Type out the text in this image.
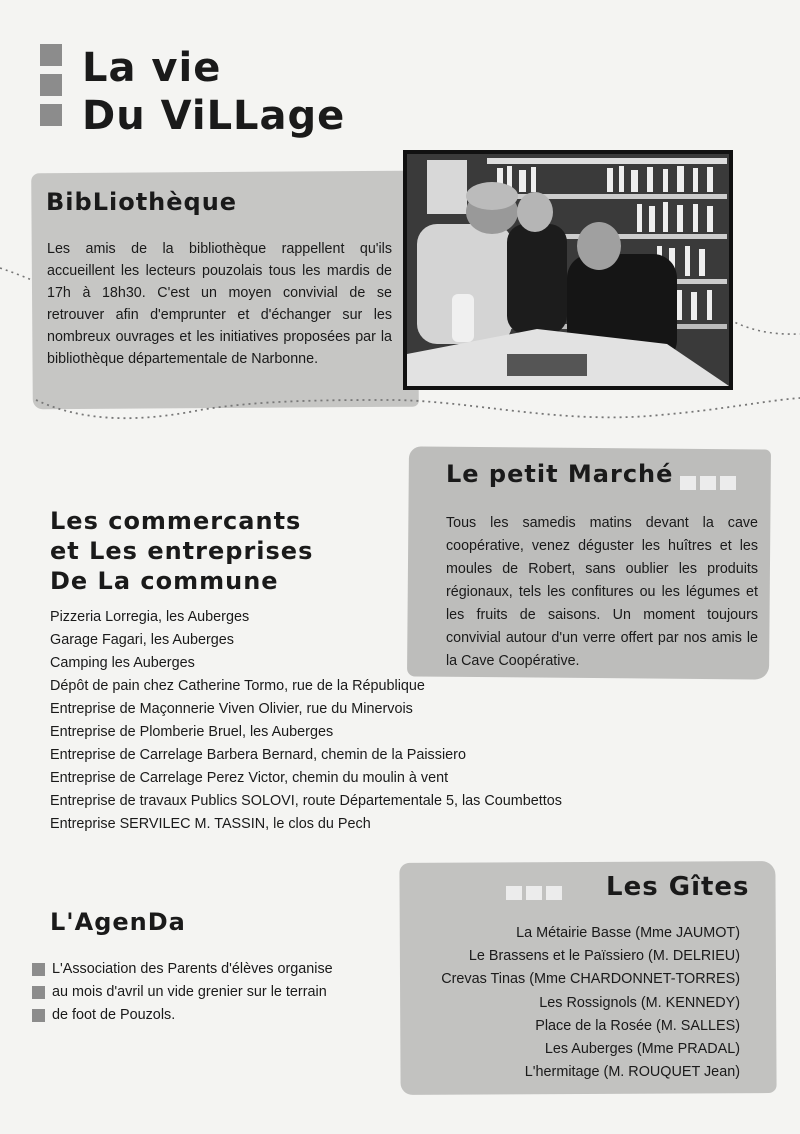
La vie
Du ViLLage
BibLiothèque
Les amis de la bibliothèque rappellent qu'ils accueillent les lecteurs pouzolais tous les mardis de 17h à 18h30. C'est un moyen convivial de se retrouver afin d'emprunter et d'échanger sur les nombreux ouvrages et les initiatives proposées par la bibliothèque départementale de Narbonne.
Le petit Marché
Tous les samedis matins devant la cave coopérative, venez déguster les huîtres et les moules de Robert, sans oublier les produits régionaux, tels les confitures ou les légumes et les fruits de saisons. Un moment toujours convivial autour d'un verre offert par nos amis le la Cave Coopérative.
Les commercants
et Les entreprises
De La commune
Pizzeria Lorregia, les Auberges
Garage Fagari, les Auberges
Camping les Auberges
Dépôt de pain chez Catherine Tormo, rue de la République
Entreprise de Maçonnerie Viven Olivier, rue du Minervois
Entreprise de Plomberie Bruel, les Auberges
Entreprise de Carrelage Barbera Bernard, chemin de la Paissiero
Entreprise de Carrelage Perez Victor, chemin du moulin à vent
Entreprise de travaux Publics SOLOVI, route Départementale 5, las Coumbettos
Entreprise SERVILEC M. TASSIN, le clos du Pech
Les Gîtes
La Métairie Basse (Mme JAUMOT)
Le Brassens et le Païssiero (M. DELRIEU)
Crevas Tinas (Mme CHARDONNET-TORRES)
Les Rossignols (M. KENNEDY)
Place de la Rosée (M. SALLES)
Les Auberges (Mme PRADAL)
L'hermitage (M. ROUQUET Jean)
L'AgenDa
L'Association des Parents d'élèves organise
au mois d'avril un vide grenier sur le terrain
de foot de Pouzols.
